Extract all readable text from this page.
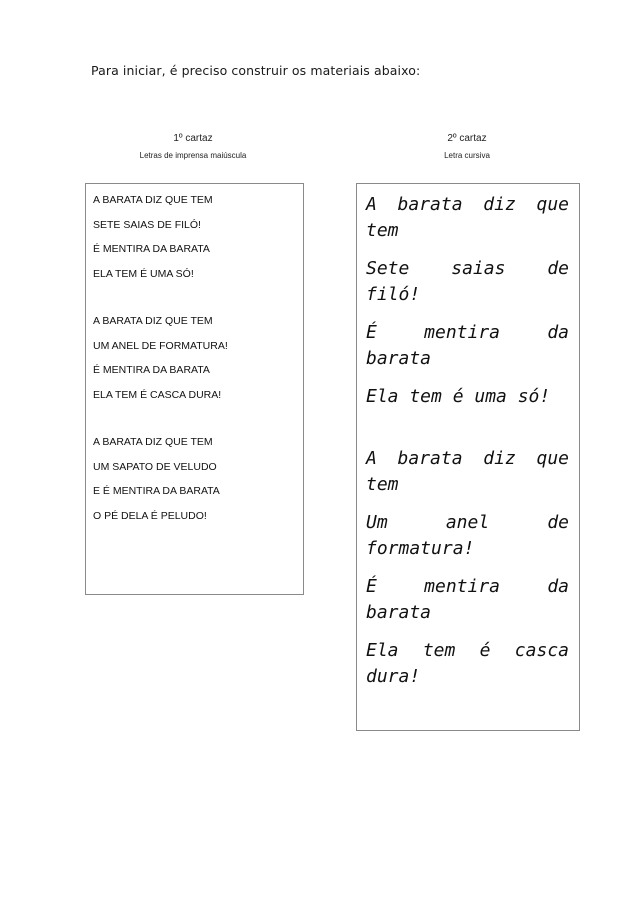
Para iniciar, é preciso construir os materiais abaixo:
1º cartaz
Letras de imprensa maiúscula
2º cartaz
Letra cursiva
A BARATA DIZ QUE TEM
SETE SAIAS DE FILÓ!
É MENTIRA DA BARATA
ELA TEM É UMA SÓ!
A BARATA DIZ QUE TEM
UM ANEL DE FORMATURA!
É MENTIRA DA BARATA
ELA TEM É CASCA DURA!
A BARATA DIZ QUE TEM
UM SAPATO DE VELUDO
E É MENTIRA DA BARATA
O PÉ DELA É PELUDO!
A barata diz que tem
Sete saias de filó!
É mentira da barata
Ela tem é uma só!
A barata diz que tem
Um anel de formatura!
É mentira da barata
Ela tem é casca dura!
